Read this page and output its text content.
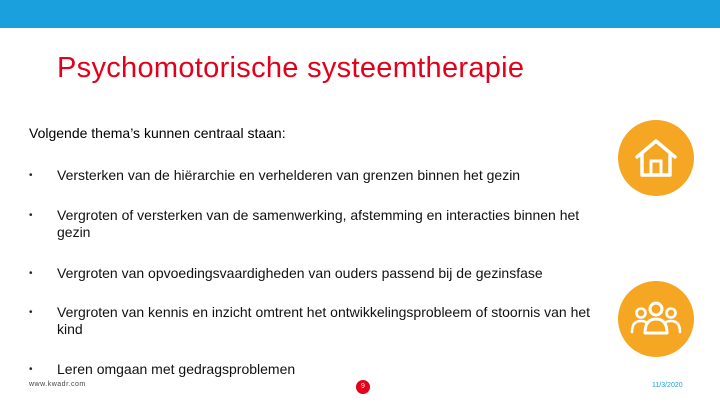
Psychomotorische systeemtherapie
Volgende thema’s kunnen centraal staan:
• Versterken van de hiërarchie en verhelderen van grenzen binnen het gezin
• Vergroten of versterken van de samenwerking, afstemming en interacties binnen het gezin
• Vergroten van opvoedingsvaardigheden van ouders passend bij de gezinsfase
• Vergroten van kennis en inzicht omtrent het ontwikkelingsprobleem of stoornis van het kind
• Leren omgaan met gedragsproblemen
www.kwadr.com	9	11/3/2020
